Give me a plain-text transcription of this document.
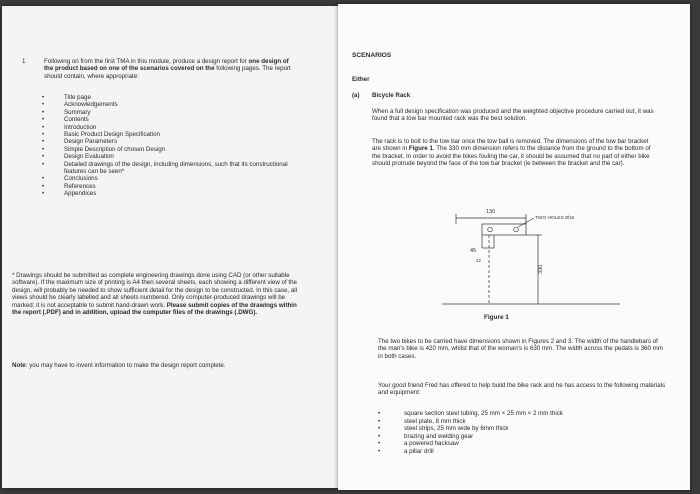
1	Following on from the first TMA in this module, produce a design report for one design of the product based on one of the scenarios covered on the following pages. The report should contain, where appropriate:
•	Title page
•	Acknowledgements
•	Summary
•	Contents
•	Introduction
•	Basic Product Design Specification
•	Design Parameters
•	Simple Description of chosen Design
•	Design Evaluation
•	Detailed drawings of the design, including dimensions, such that its constructional features can be seen*
•	Conclusions
•	References
•	Appendices
* Drawings should be submitted as complete engineering drawings done using CAD (or other suitable software). If the maximum size of printing is A4 then several sheets, each showing a different view of the design, will probably be needed to show sufficient detail for the design to be constructed. In this case, all views should be clearly labelled and all sheets numbered. Only computer-produced drawings will be marked; it is not acceptable to submit hand-drawn work. Please submit copies of the drawings within the report (.PDF) and in addition, upload the computer files of the drawings (.DWG).
Note: you may have to invent information to make the design report complete.
SCENARIOS
Either
(a) Bicycle Rack
When a full design specification was produced and the weighted objective procedure carried out, it was found that a tow bar mounted rack was the best solution.
The rack is to bolt to the tow bar once the tow ball is removed. The dimensions of the tow bar bracket are shown in Figure 1. The 330 mm dimension refers to the distance from the ground to the bottom of the bracket. In order to avoid the bikes fouling the car, it should be assumed that no part of either bike should protrude beyond the face of the tow bar bracket (ie between the bracket and the car).
130
TWO HOLES Ø16
45
22
330
Figure 1
The two bikes to be carried have dimensions shown in Figures 2 and 3. The width of the handlebars of the man's bike is 420 mm, whilst that of the woman's is 630 mm. The width across the pedals is 360 mm in both cases.
Your good friend Fred has offered to help build the bike rack and he has access to the following materials and equipment:
•	square section steel tubing, 25 mm × 25 mm × 2 mm thick
•	steel plate, 8 mm thick
•	steel strips, 25 mm wide by 6mm thick
•	brazing and welding gear
•	a powered hacksaw
•	a pillar drill
